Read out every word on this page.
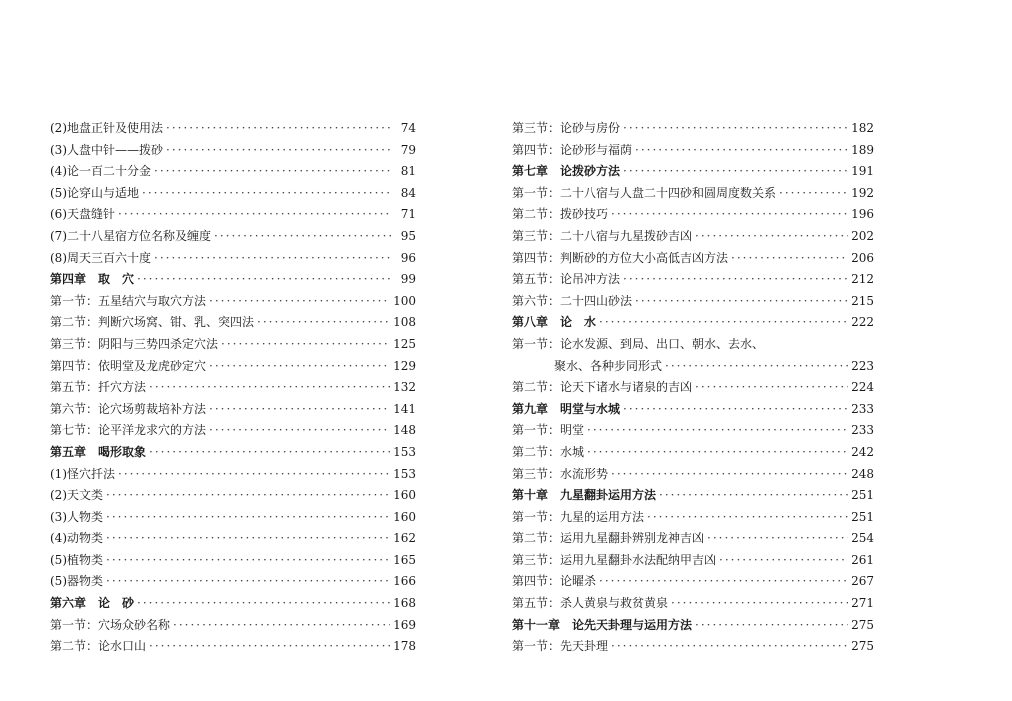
(2)地盘正针及使用法 ·····	74
(3)人盘中针——拨砂 ·····	79
(4)论一百二十分金 ·····	81
(5)论穿山与适地 ·····	84
(6)天盘缝针 ·····	71
(7)二十八星宿方位名称及缠度 ·····	95
(8)周天三百六十度 ·····	96
第四章　取　穴 ·····	99
第一节：五星结穴与取穴方法 ·····	100
第二节：判断穴场窝、钳、乳、突四法 ·····	108
第三节：阴阳与三势四杀定穴法 ·····	125
第四节：依明堂及龙虎砂定穴 ·····	129
第五节：扦穴方法 ·····	132
第六节：论穴场剪裁培补方法 ·····	141
第七节：论平洋龙求穴的方法 ·····	148
第五章　喝形取象 ·····	153
(1)怪穴扦法 ·····	153
(2)天文类 ·····	160
(3)人物类 ·····	160
(4)动物类 ·····	162
(5)植物类 ·····	165
(5)器物类 ·····	166
第六章　论　砂 ·····	168
第一节：穴场众砂名称 ·····	169
第二节：论水口山 ·····	178
第三节：论砂与房份 ·····	182
第四节：论砂形与福荫 ·····	189
第七章　论拨砂方法 ·····	191
第一节：二十八宿与人盘二十四砂和圆周度数关系 ·····	192
第二节：拨砂技巧 ·····	196
第三节：二十八宿与九星拨砂吉凶 ·····	202
第四节：判断砂的方位大小高低吉凶方法 ·····	206
第五节：论吊冲方法 ·····	212
第六节：二十四山砂法 ·····	215
第八章　论　水 ·····	222
第一节：论水发源、到局、出口、朝水、去水、
聚水、各种步同形式 ·····	223
第二节：论天下诸水与诸泉的吉凶 ·····	224
第九章　明堂与水城 ·····	233
第一节：明堂 ·····	233
第二节：水城 ·····	242
第三节：水流形势 ·····	248
第十章　九星翻卦运用方法 ·····	251
第一节：九星的运用方法 ·····	251
第二节：运用九星翻卦辨别龙神吉凶 ·····	254
第三节：运用九星翻卦水法配纳甲吉凶 ·····	261
第四节：论曜杀 ·····	267
第五节：杀人黄泉与救贫黄泉 ·····	271
第十一章　论先天卦理与运用方法 ·····	275
第一节：先天卦理 ·····	275
